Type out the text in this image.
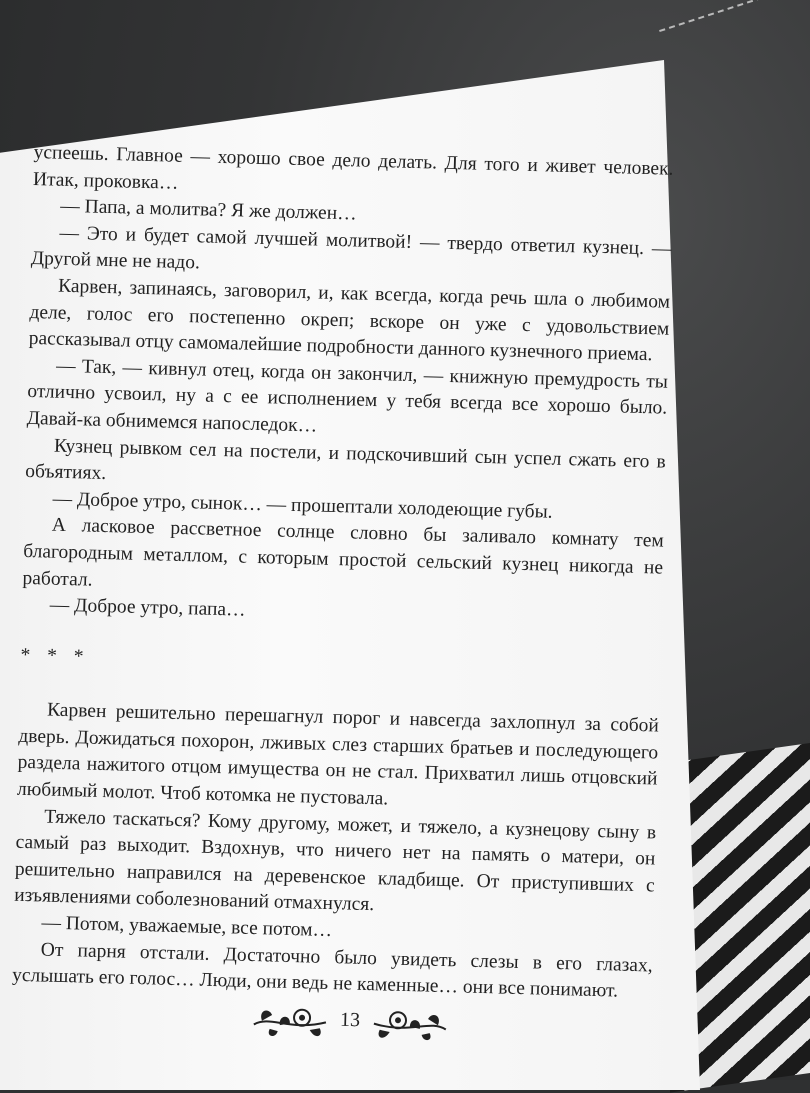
успеешь. Главное — хорошо свое дело делать. Для того и живет человек. Итак, проковка…

— Папа, а молитва? Я же должен…

— Это и будет самой лучшей молитвой! — твердо ответил кузнец. — Другой мне не надо.

Карвен, запинаясь, заговорил, и, как всегда, когда речь шла о любимом деле, голос его постепенно окреп; вскоре он уже с удовольствием рассказывал отцу самомалейшие подробности данного кузнечного приема.

— Так, — кивнул отец, когда он закончил, — книжную премудрость ты отлично усвоил, ну а с ее исполнением у тебя всегда все хорошо было. Давай-ка обнимемся напоследок…

Кузнец рывком сел на постели, и подскочивший сын успел сжать его в объятиях.

— Доброе утро, сынок… — прошептали холодеющие губы.

А ласковое рассветное солнце словно бы заливало комнату тем благородным металлом, с которым простой сельский кузнец никогда не работал.

— Доброе утро, папа…

* * *

Карвен решительно перешагнул порог и навсегда захлопнул за собой дверь. Дожидаться похорон, лживых слез старших братьев и последующего раздела нажитого отцом имущества он не стал. Прихватил лишь отцовский любимый молот. Чтоб котомка не пустовала.

Тяжело таскаться? Кому другому, может, и тяжело, а кузнецову сыну в самый раз выходит. Вздохнув, что ничего нет на память о матери, он решительно направился на деревенское кладбище. От приступивших с изъявлениями соболезнований отмахнулся.

— Потом, уважаемые, все потом…

От парня отстали. Достаточно было увидеть слезы в его глазах, услышать его голос… Люди, они ведь не каменные… они все понимают.

13
